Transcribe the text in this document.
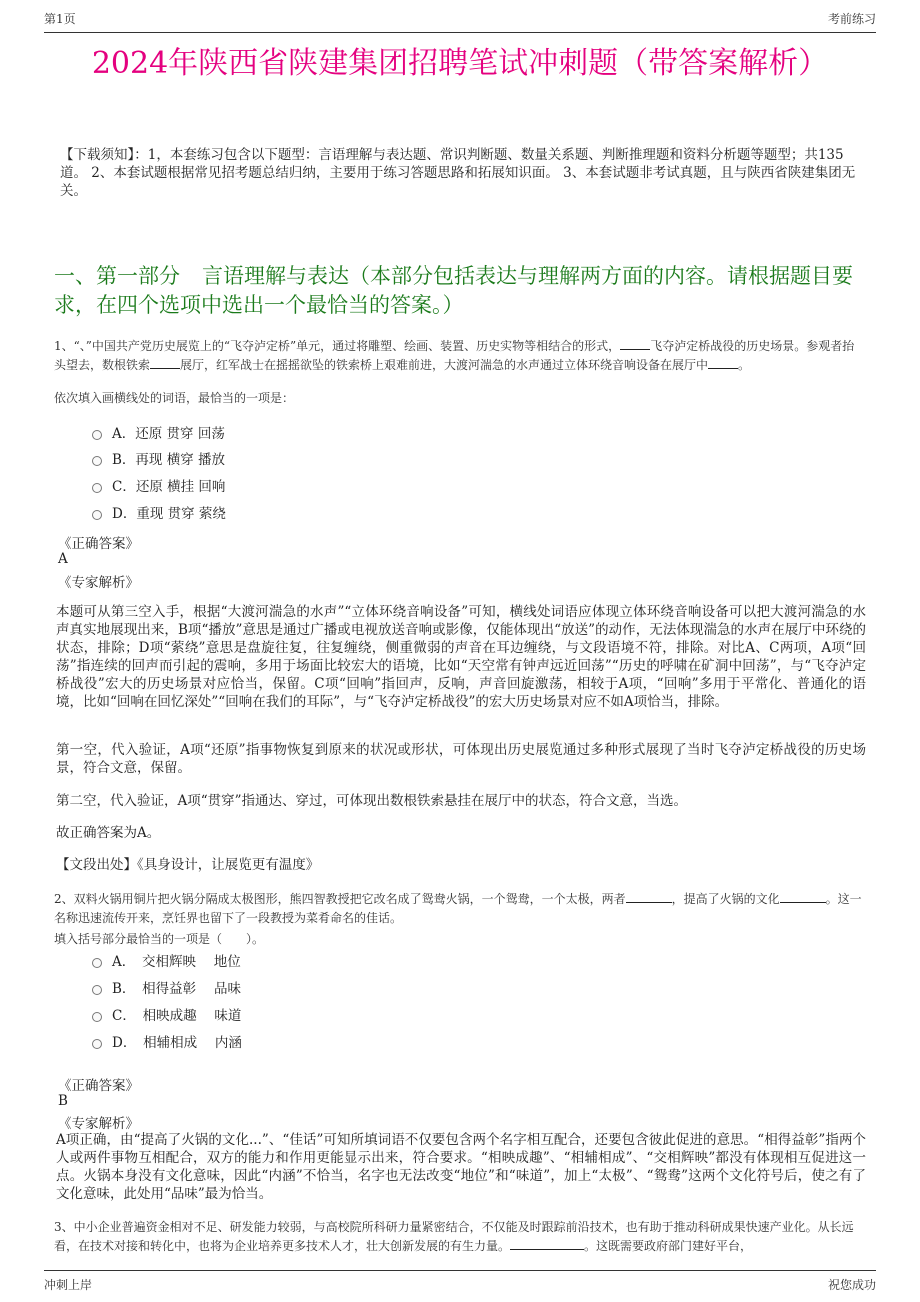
第1页	考前练习
2024年陕西省陕建集团招聘笔试冲刺题（带答案解析）
【下载须知】：1，本套练习包含以下题型：言语理解与表达题、常识判断题、数量关系题、判断推理题和资料分析题等题型；共135道。 2、本套试题根据常见招考题总结归纳，主要用于练习答题思路和拓展知识面。 3、本套试题非考试真题，且与陕西省陕建集团无关。
一、第一部分 言语理解与表达（本部分包括表达与理解两方面的内容。请根据题目要求，在四个选项中选出一个最恰当的答案。）
1、“、”中国共产党历史展览上的“飞夺泸定桥”单元，通过将雕塑、绘画、装置、历史实物等相结合的形式，	飞夺泸定桥战役的历史场景。参观者抬头望去，数根铁索	展厅，红军战士在摇摇欲坠的铁索桥上艰难前进，大渡河湍急的水声通过立体环绕音响设备在展厅中	。
依次填入画横线处的词语，最恰当的一项是：
A．还原 贯穿 回荡
B．再现 横穿 播放
C．还原 横挂 回响
D．重现 贯穿 萦绕
《正确答案》
A
《专家解析》
本题可从第三空入手，根据“大渡河湍急的水声”“立体环绕音响设备”可知，横线处词语应体现立体环绕音响设备可以把大渡河湍急的水声真实地展现出来，B项“播放”意思是通过广播或电视放送音响或影像，仅能体现出“放送”的动作，无法体现湍急的水声在展厅中环绕的状态，排除；D项“萦绕”意思是盘旋往复，往复缠绕，侧重微弱的声音在耳边缠绕，与文段语境不符，排除。对比A、C两项，A项“回荡”指连续的回声而引起的震响，多用于场面比较宏大的语境，比如“天空常有钟声远近回荡”“历史的呼啸在矿洞中回荡”，与“飞夺泸定桥战役”宏大的历史场景对应恰当，保留。C项“回响”指回声，反响，声音回旋激荡，相较于A项，“回响”多用于平常化、普通化的语境，比如“回响在回忆深处”“回响在我们的耳际”，与“飞夺泸定桥战役”的宏大历史场景对应不如A项恰当，排除。
第一空，代入验证，A项“还原”指事物恢复到原来的状况或形状，可体现出历史展览通过多种形式展现了当时飞夺泸定桥战役的历史场景，符合文意，保留。
第二空，代入验证，A项“贯穿”指通达、穿过，可体现出数根铁索悬挂在展厅中的状态，符合文意，当选。
故正确答案为A。
【文段出处】《具身设计，让展览更有温度》
2、双料火锅用铜片把火锅分隔成太极图形，熊四智教授把它改名成了鸳鸯火锅，一个鸳鸯，一个太极，两者	，提高了火锅的文化	。这一名称迅速流传开来，烹饪界也留下了一段教授为菜肴命名的佳话。
填入括号部分最恰当的一项是（　　）。
A．　交相辉映　 地位
B．　相得益彰　 品味
C．　相映成趣　 味道
D．　相辅相成　 内涵
《正确答案》
B
《专家解析》
A项正确，由“提高了火锅的文化...”、“佳话”可知所填词语不仅要包含两个名字相互配合，还要包含彼此促进的意思。“相得益彰”指两个人或两件事物互相配合，双方的能力和作用更能显示出来，符合要求。“相映成趣”、“相辅相成”、“交相辉映”都没有体现相互促进这一点。火锅本身没有文化意味，因此“内涵”不恰当，名字也无法改变“地位”和“味道”，加上“太极”、“鸳鸯”这两个文化符号后，使之有了文化意味，此处用“品味”最为恰当。
3、中小企业普遍资金相对不足、研发能力较弱，与高校院所科研力量紧密结合，不仅能及时跟踪前沿技术，也有助于推动科研成果快速产业化。从长远看，在技术对接和转化中，也将为企业培养更多技术人才，壮大创新发展的有生力量。	。这既需要政府部门建好平台，
冲刺上岸	祝您成功
